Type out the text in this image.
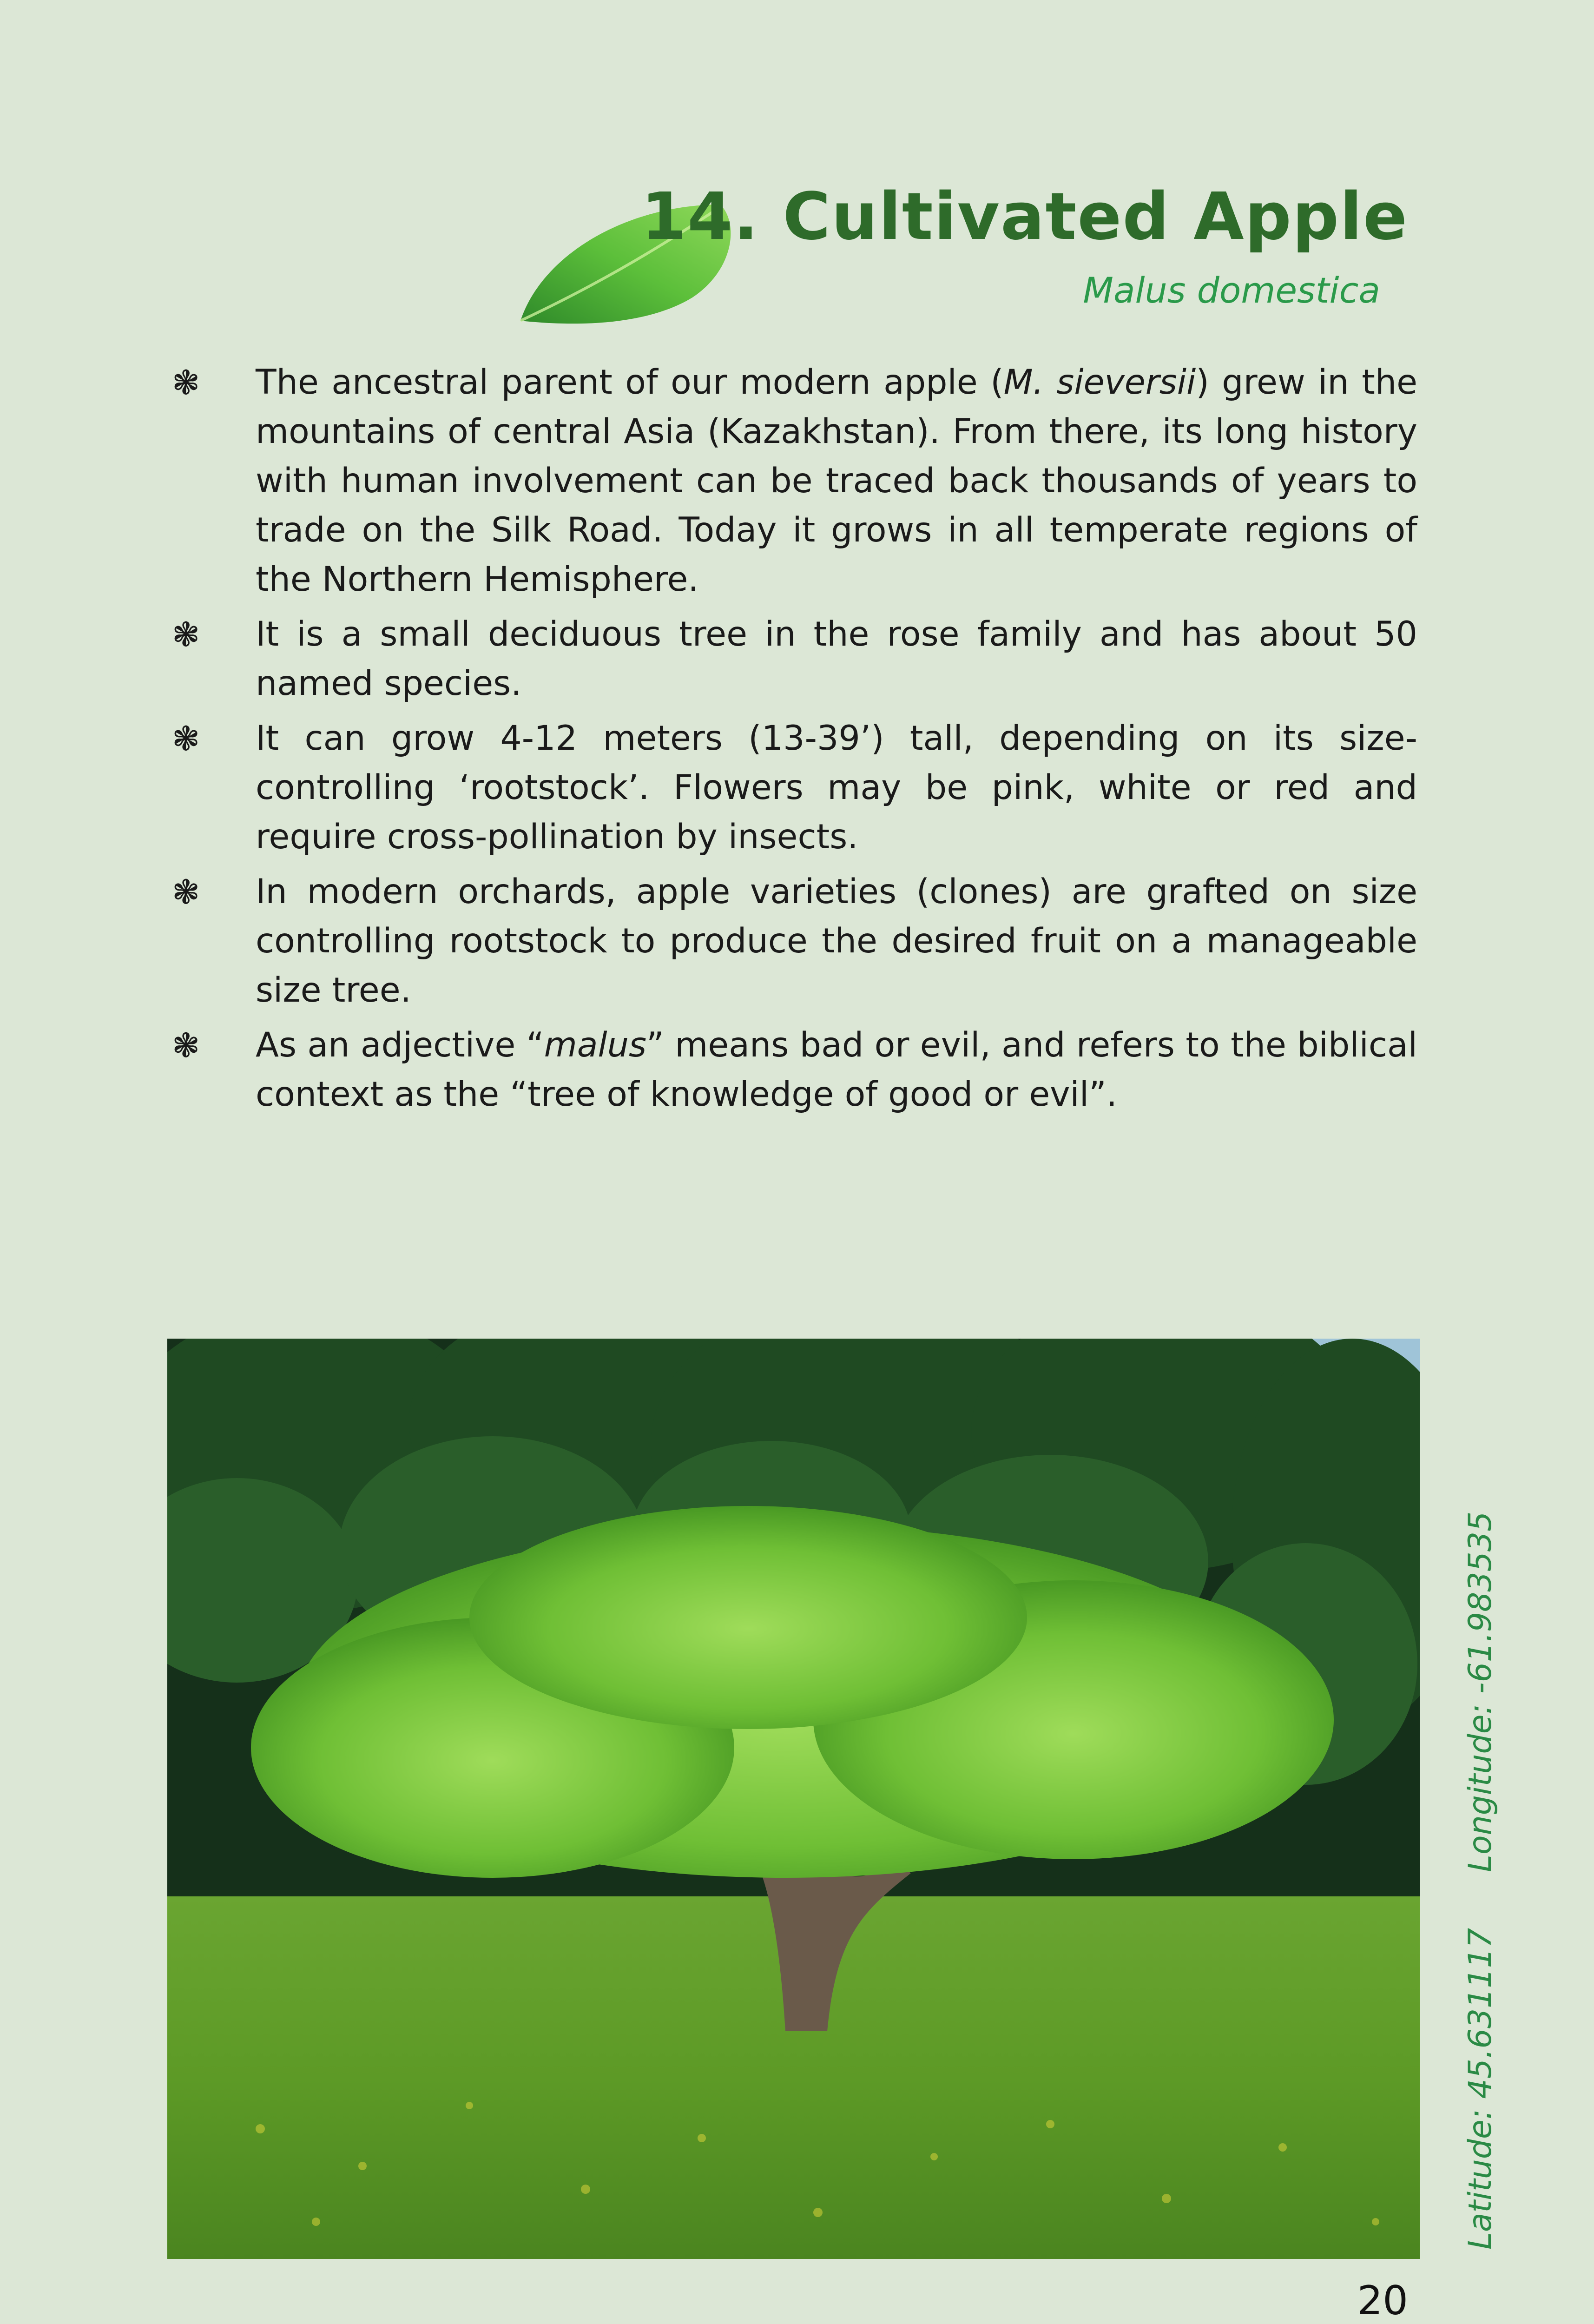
14. Cultivated Apple
Malus domestica
❃ The ancestral parent of our modern apple (M. sieversii) grew in the mountains of central Asia (Kazakhstan). From there, its long history with human involvement can be traced back thousands of years to trade on the Silk Road. Today it grows in all temperate regions of the Northern Hemisphere.
❃ It is a small deciduous tree in the rose family and has about 50 named species.
❃ It can grow 4-12 meters (13-39’) tall, depending on its size-controlling ‘rootstock’. Flowers may be pink, white or red and require cross-pollination by insects.
❃ In modern orchards, apple varieties (clones) are grafted on size controlling rootstock to produce the desired fruit on a manageable size tree.
❃ As an adjective “malus” means bad or evil, and refers to the biblical context as the “tree of knowledge of good or evil”.
Latitude: 45.631117Longitude: -61.983535
20
